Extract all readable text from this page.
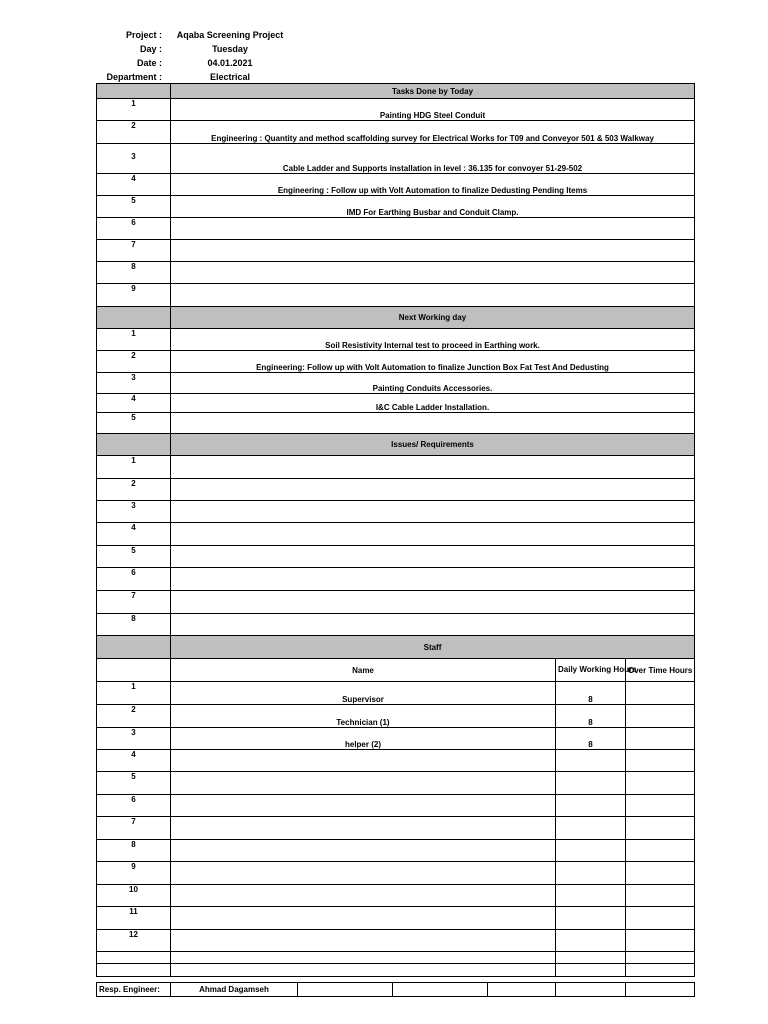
Project :	Aqaba Screening Project
Day :	Tuesday
Date :	04.01.2021
Department :	Electrical
	Tasks Done by Today		
1	Painting HDG Steel Conduit		
2	Engineering : Quantity and method scaffolding survey for Electrical Works for T09 and Conveyor 501 & 503 Walkway		
3	Cable Ladder and Supports installation in level : 36.135 for convoyer 51-29-502		
4	Engineering : Follow up with Volt Automation to finalize Dedusting Pending Items		
5	IMD For Earthing Busbar and Conduit Clamp.		
6			
7			
8			
9			
	Next Working day		
1	Soil Resistivity Internal test to proceed in Earthing work.		
2	Engineering: Follow up with Volt Automation to finalize Junction Box Fat Test And Dedusting		
3	Painting Conduits Accessories.		
4	I&C Cable Ladder Installation.		
5			
	Issues/ Requirements		
1			
2			
3			
4			
5			
6			
7			
8			
	Staff		
	Name	Daily Working Hours	Over Time Hours
1	Supervisor	8	
2	Technician (1)	8	
3	helper (2)	8	
4			
5			
6			
7			
8			
9			
10			
11			
12			

Resp. Engineer:	Ahmad Dagamseh					
